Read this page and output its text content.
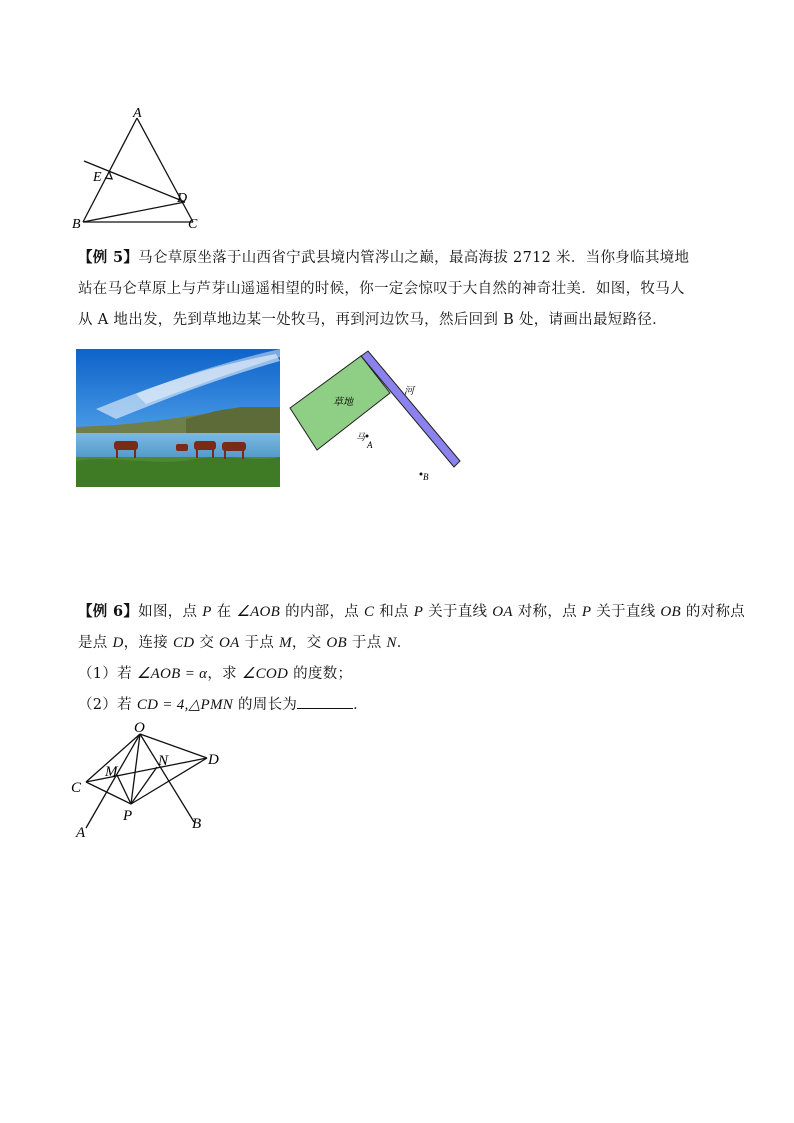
A
E
D
B	C
【例 5】马仑草原坐落于山西省宁武县境内管涔山之巅，最高海拔 2712 米．当你身临其境地
站在马仑草原上与芦芽山遥遥相望的时候，你一定会惊叹于大自然的神奇壮美．如图，牧马人
从 A 地出发，先到草地边某一处牧马，再到河边饮马，然后回到 B 处，请画出最短路径．
草地
河
马
A
B
【例 6】如图，点 P 在 ∠AOB 的内部，点 C 和点 P 关于直线 OA 对称，点 P 关于直线 OB 的对称点
是点 D，连接 CD 交 OA 于点 M，交 OB 于点 N．
（1）若 ∠AOB = α，求 ∠COD 的度数；
（2）若 CD = 4,△PMN 的周长为	．
O
M
N	D
C
P
A
B
